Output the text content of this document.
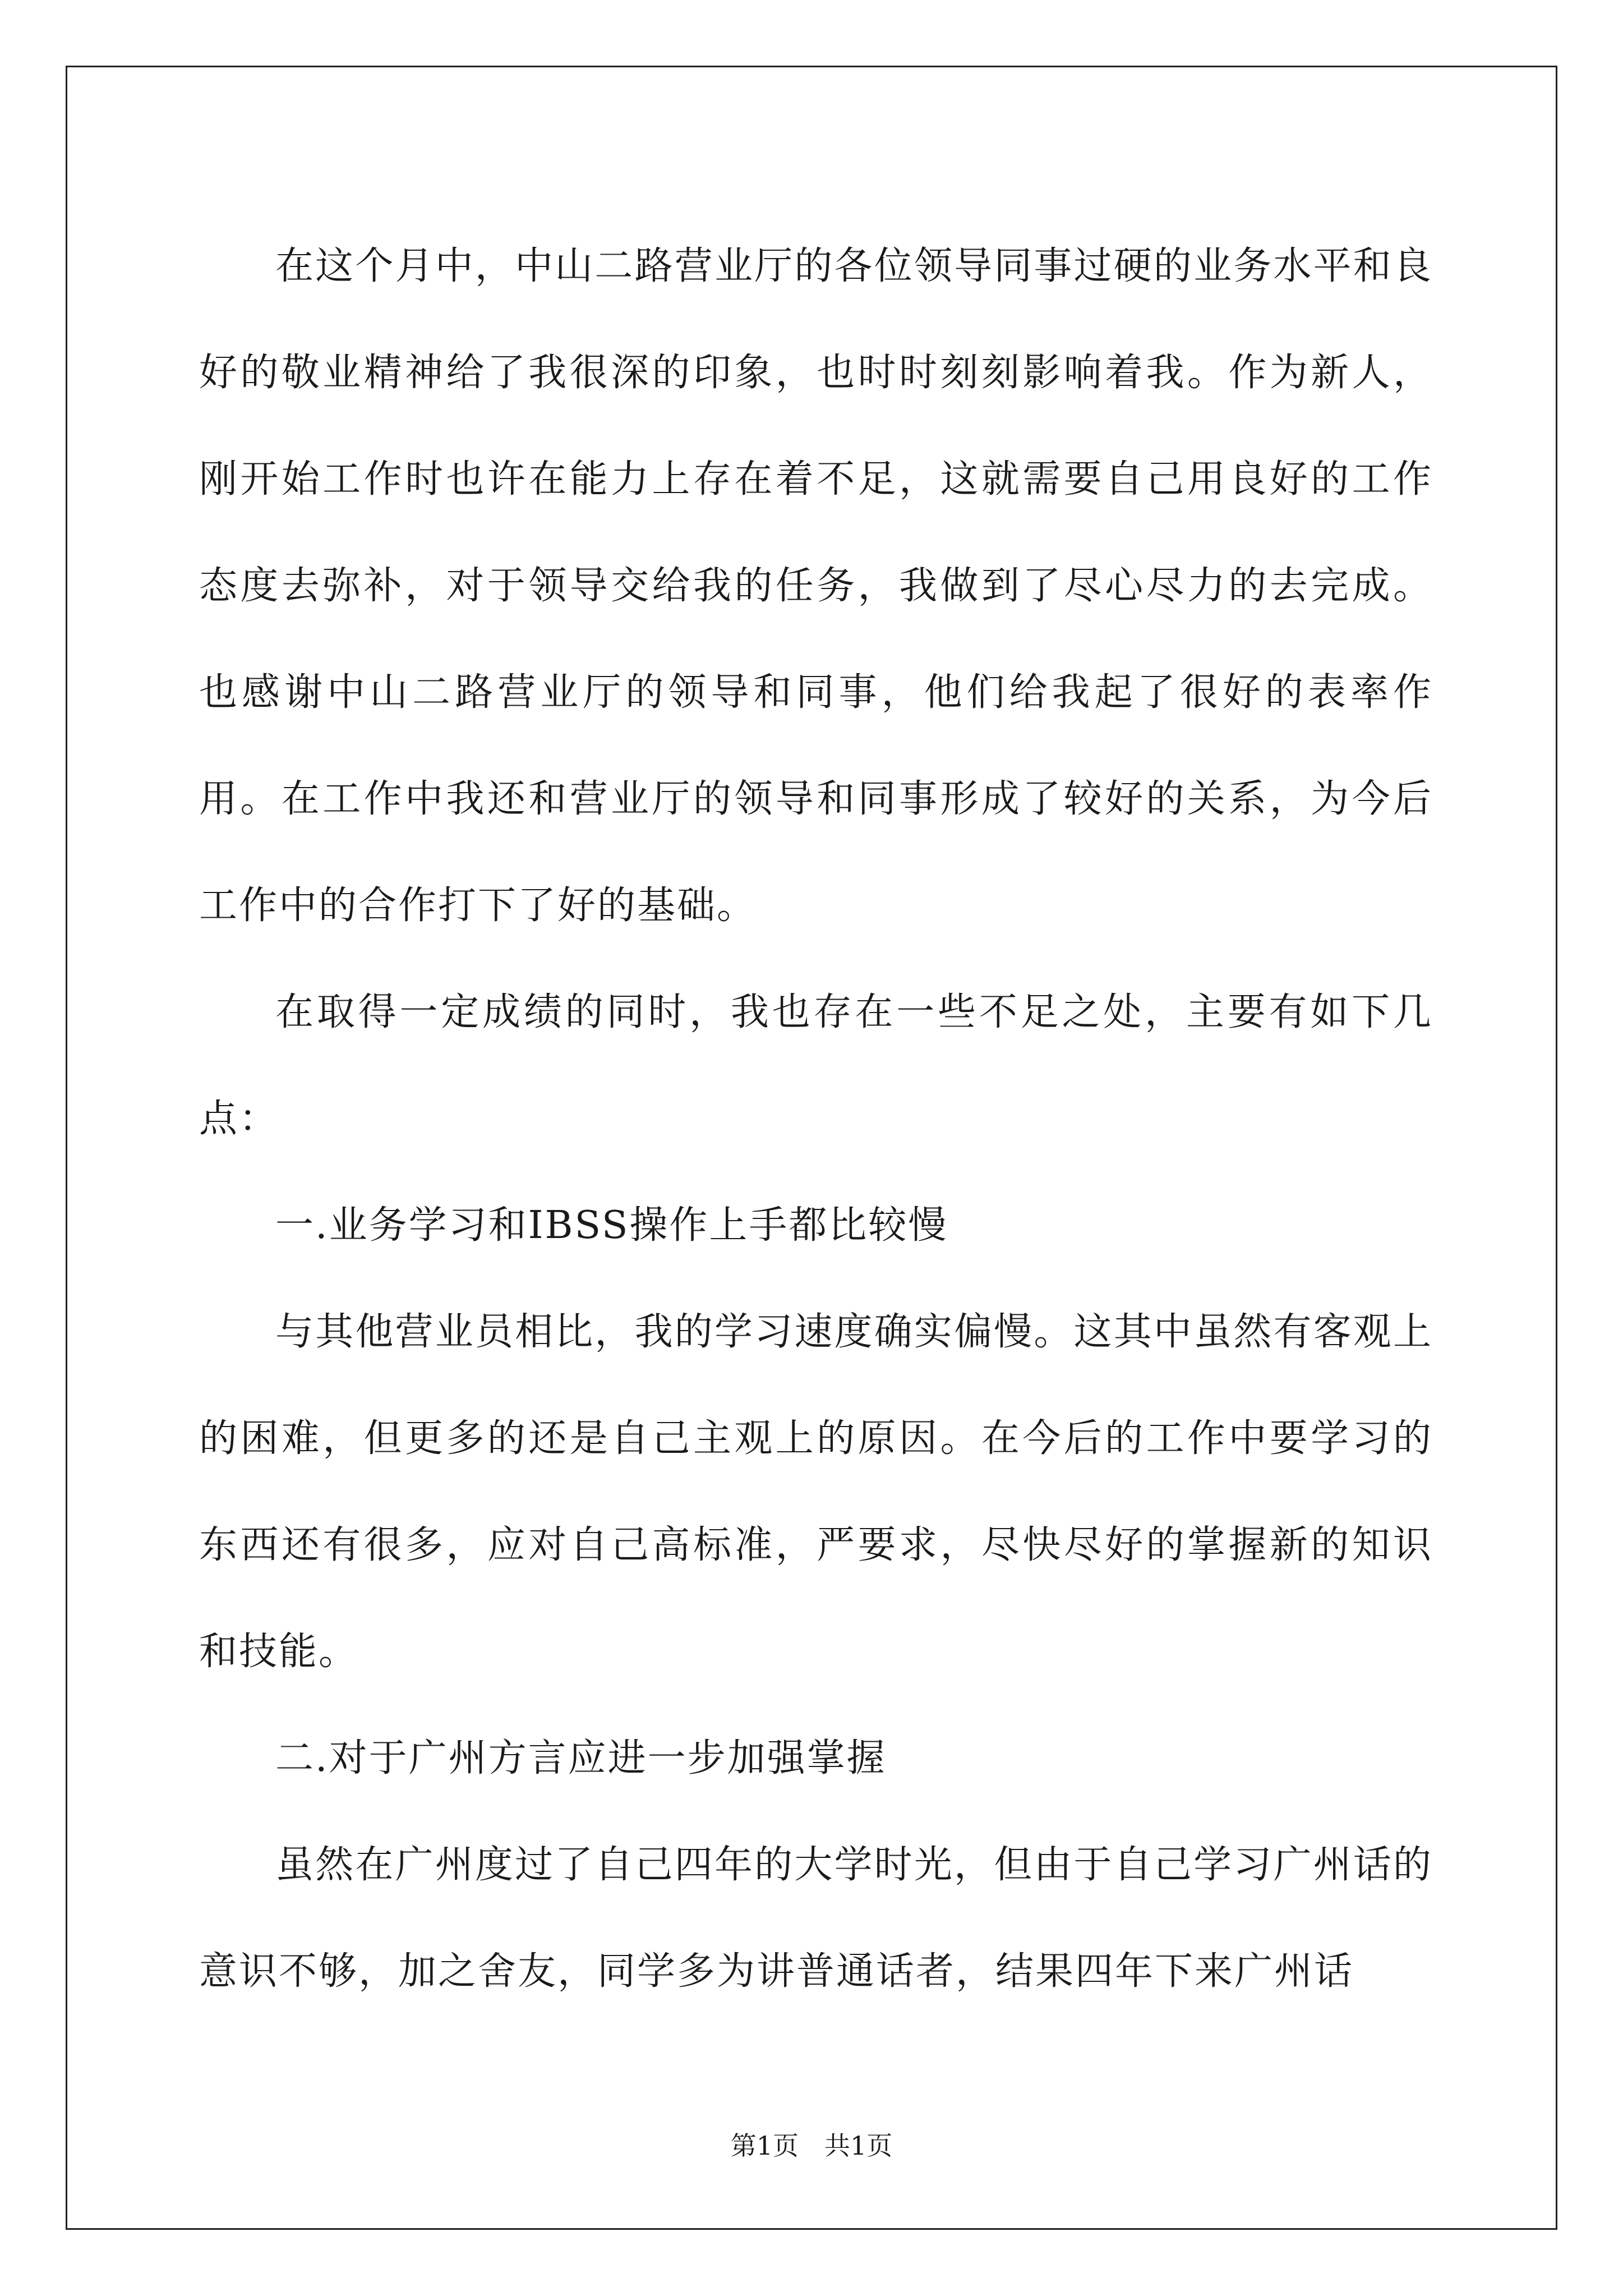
在这个月中，中山二路营业厅的各位领导同事过硬的业务水平和良好的敬业精神给了我很深的印象，也时时刻刻影响着我。作为新人，刚开始工作时也许在能力上存在着不足，这就需要自己用良好的工作态度去弥补，对于领导交给我的任务，我做到了尽心尽力的去完成。也感谢中山二路营业厅的领导和同事，他们给我起了很好的表率作用。在工作中我还和营业厅的领导和同事形成了较好的关系，为今后工作中的合作打下了好的基础。

在取得一定成绩的同时，我也存在一些不足之处，主要有如下几点：

一.业务学习和IBSS操作上手都比较慢

与其他营业员相比，我的学习速度确实偏慢。这其中虽然有客观上的困难，但更多的还是自己主观上的原因。在今后的工作中要学习的东西还有很多，应对自己高标准，严要求，尽快尽好的掌握新的知识和技能。

二.对于广州方言应进一步加强掌握

虽然在广州度过了自己四年的大学时光，但由于自己学习广州话的意识不够，加之舍友，同学多为讲普通话者，结果四年下来广州话

第1页　共1页
